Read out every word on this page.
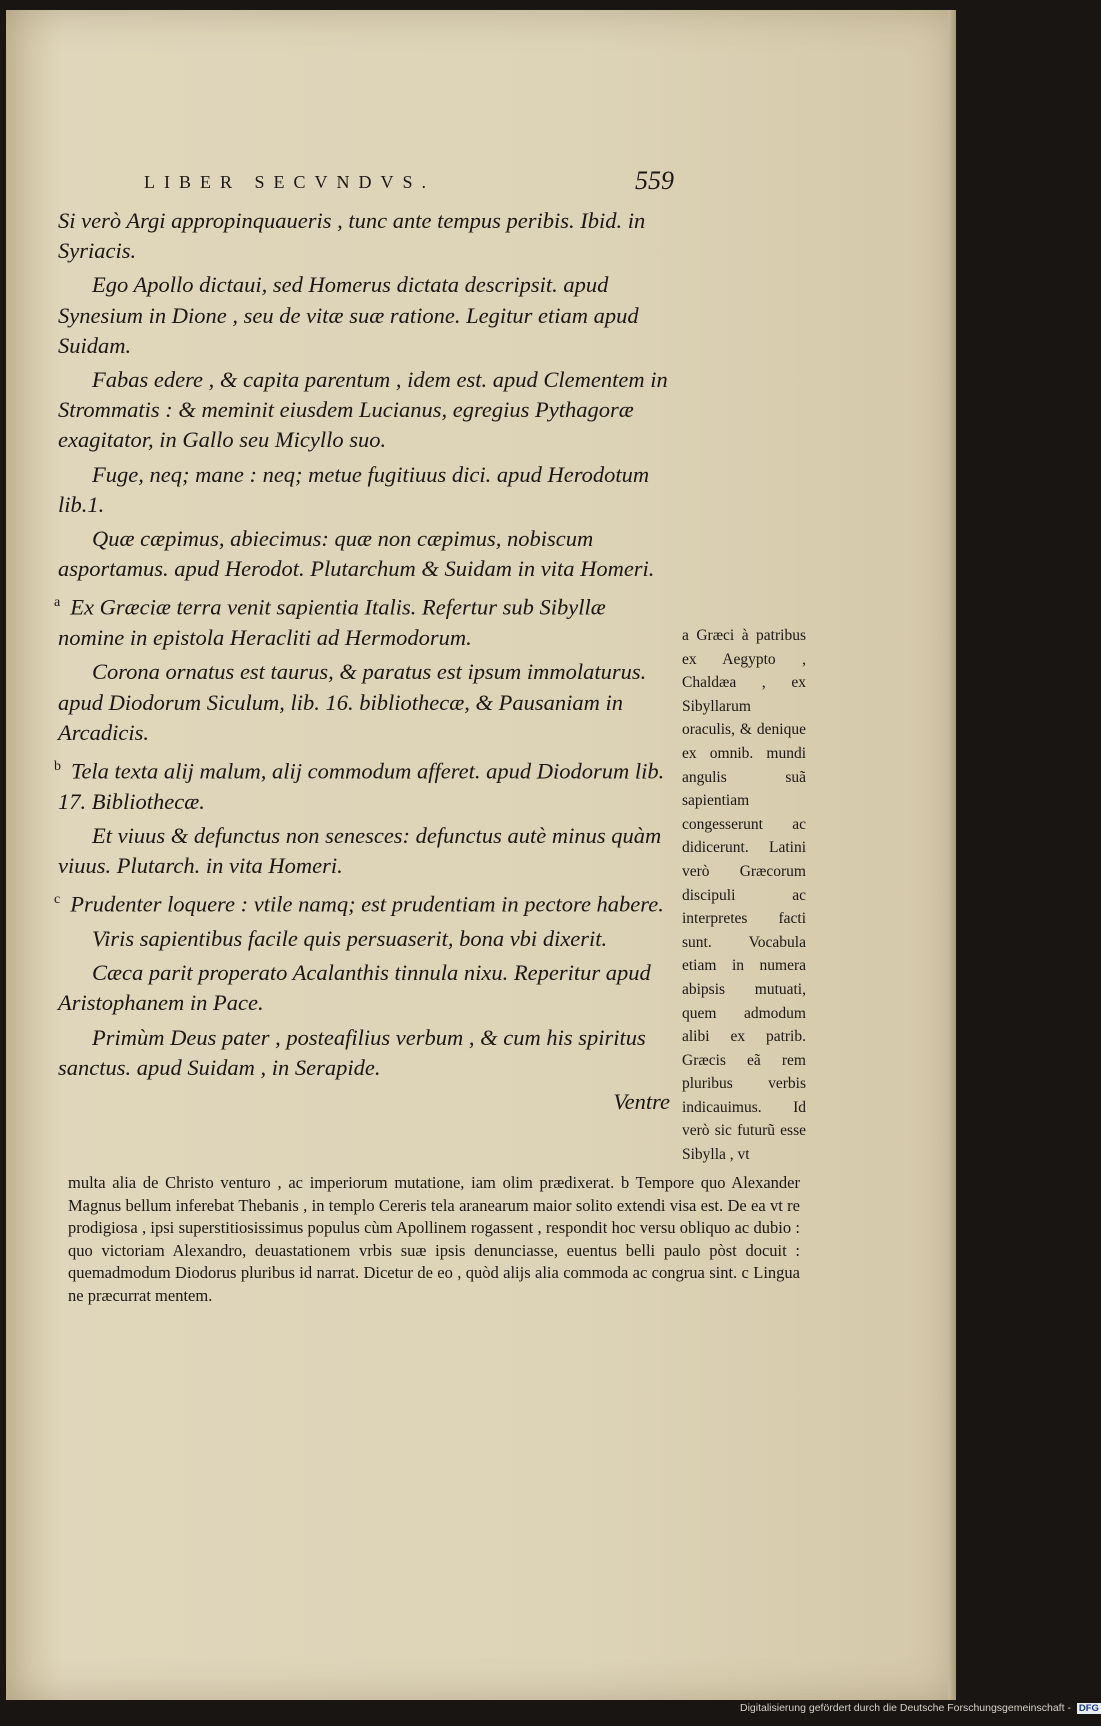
LIBER SECVNDVS.	559

Si verò Argi appropinquaueris , tunc ante tempus peribis. Ibid. in Syriacis.

Ego Apollo dictaui, sed Homerus dictata descripsit. apud Synesium in Dione , seu de vitæ suæ ratione. Legitur etiam apud Suidam.

Fabas edere , & capita parentum , idem est. apud Clementem in Strommatis : & meminit eiusdem Lucianus, egregius Pythagoræ exagitator, in Gallo seu Micyllo suo.

Fuge, neq; mane : neq; metue fugitiuus dici. apud Herodotum lib.1.

Quæ cæpimus, abiecimus: quæ non cæpimus, nobiscum asportamus. apud Herodot. Plutarchum & Suidam in vita Homeri.

$^a$ Ex Græciæ terra venit sapientia Italis. Refertur sub Sibyllæ nomine in epistola Heracliti ad Hermodorum.

Corona ornatus est taurus, & paratus est ipsum immolaturus. apud Diodorum Siculum, lib. 16. bibliothecæ, & Pausaniam in Arcadicis.

$^b$ Tela texta alij malum, alij commodum afferet. apud Diodorum lib. 17. Bibliothecæ.

Et viuus & defunctus non senesces: defunctus autè minus quàm viuus. Plutarch. in vita Homeri.

$^c$ Prudenter loquere : vtile namq; est prudentiam in pectore habere.

Viris sapientibus facile quis persuaserit, bona vbi dixerit.

Cæca parit properato Acalanthis tinnula nixu. Reperitur apud Aristophanem in Pace.

Primùm Deus pater , posteafilius verbum , & cum his spiritus sanctus. apud Suidam , in Serapide.

Ventre

a Græci à patribus ex Aegypto , Chaldæa , ex Sibyllarum oraculis, & denique ex omnib. mundi angulis suã sapientiam congesserunt ac didicerunt. Latini verò Græcorum discipuli ac interpretes facti sunt. Vocabula etiam in numera abipsis mutuati, quem admodum alibi ex patrib. Græcis eã rem pluribus verbis indicauimus. Id verò sic futurũ esse Sibylla , vt

multa alia de Christo venturo , ac imperiorum mutatione, iam olim prædixerat. b Tempore quo Alexander Magnus bellum inferebat Thebanis , in templo Cereris tela aranearum maior solito extendi visa est. De ea vt re prodigiosa , ipsi superstitiosissimus populus cùm Apollinem rogassent , respondit hoc versu obliquo ac dubio : quo victoriam Alexandro, deuastationem vrbis suæ ipsis denunciasse, euentus belli paulo pòst docuit : quemadmodum Diodorus pluribus id narrat. Dicetur de eo , quòd alijs alia commoda ac congrua sint. c Lingua ne præcurrat mentem.

Digitalisierung gefördert durch die Deutsche Forschungsgemeinschaft - DFG
